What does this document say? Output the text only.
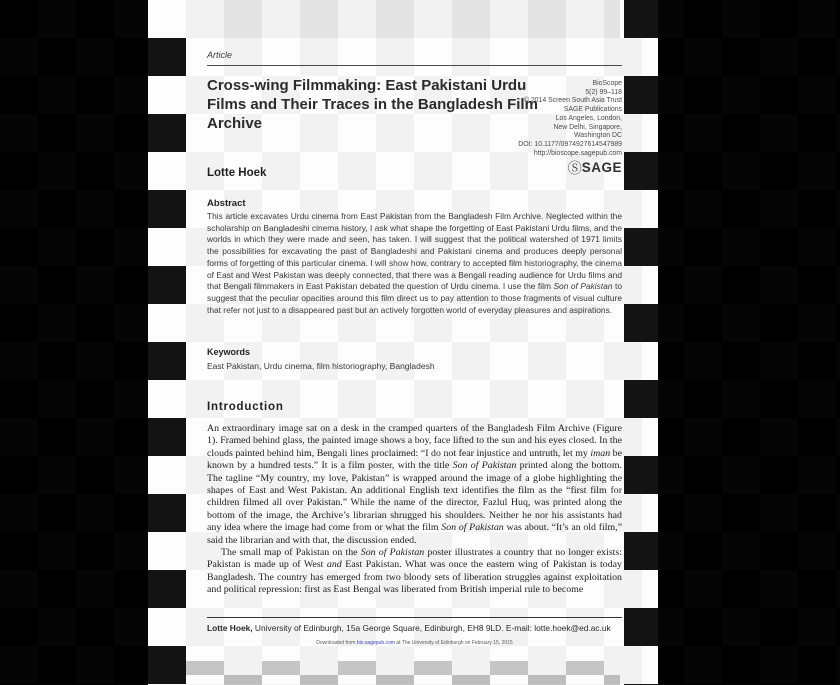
Article
Cross-wing Filmmaking: East Pakistani Urdu Films and Their Traces in the Bangladesh Film Archive
BioScope
5(2) 99–118
© 2014 Screen South Asia Trust
SAGE Publications
Los Angeles, London,
New Delhi, Singapore,
Washington DC
DOI: 10.1177/0974927614547989
http://bioscope.sagepub.com
ⓈSAGE
Lotte Hoek
Abstract
This article excavates Urdu cinema from East Pakistan from the Bangladesh Film Archive. Neglected within the scholarship on Bangladeshi cinema history, I ask what shape the forgetting of East Pakistani Urdu films, and the worlds in which they were made and seen, has taken. I will suggest that the political watershed of 1971 limits the possibilities for excavating the past of Bangladeshi and Pakistani cinema and produces deeply personal forms of forgetting of this particular cinema. I will show how, contrary to accepted film historiography, the cinema of East and West Pakistan was deeply connected, that there was a Bengali reading audience for Urdu films and that Bengali filmmakers in East Pakistan debated the question of Urdu cinema. I use the film Son of Pakistan to suggest that the peculiar opacities around this film direct us to pay attention to those fragments of visual culture that refer not just to a disappeared past but an actively forgotten world of everyday pleasures and aspirations.
Keywords
East Pakistan, Urdu cinema, film historiography, Bangladesh
Introduction

An extraordinary image sat on a desk in the cramped quarters of the Bangladesh Film Archive (Figure 1). Framed behind glass, the painted image shows a boy, face lifted to the sun and his eyes closed. In the clouds painted behind him, Bengali lines proclaimed: “I do not fear injustice and untruth, let my iman be known by a hundred tests.” It is a film poster, with the title Son of Pakistan printed along the bottom. The tagline “My country, my love, Pakistan” is wrapped around the image of a globe highlighting the shapes of East and West Pakistan. An additional English text identifies the film as the “first film for children filmed all over Pakistan.” While the name of the director, Fazlul Huq, was printed along the bottom of the image, the Archive’s librarian shrugged his shoulders. Neither he nor his assistants had any idea where the image had come from or what the film Son of Pakistan was about. “It’s an old film,” said the librarian and with that, the discussion ended.

The small map of Pakistan on the Son of Pakistan poster illustrates a country that no longer exists: Pakistan is made up of West and East Pakistan. What was once the eastern wing of Pakistan is today Bangladesh. The country has emerged from two bloody sets of liberation struggles against exploitation and political repression: first as East Bengal was liberated from British imperial rule to become

Lotte Hoek, University of Edinburgh, 15a George Square, Edinburgh, EH8 9LD. E-mail: lotte.hoek@ed.ac.uk
Downloaded from bio.sagepub.com at The University of Edinburgh on February 15, 2015
